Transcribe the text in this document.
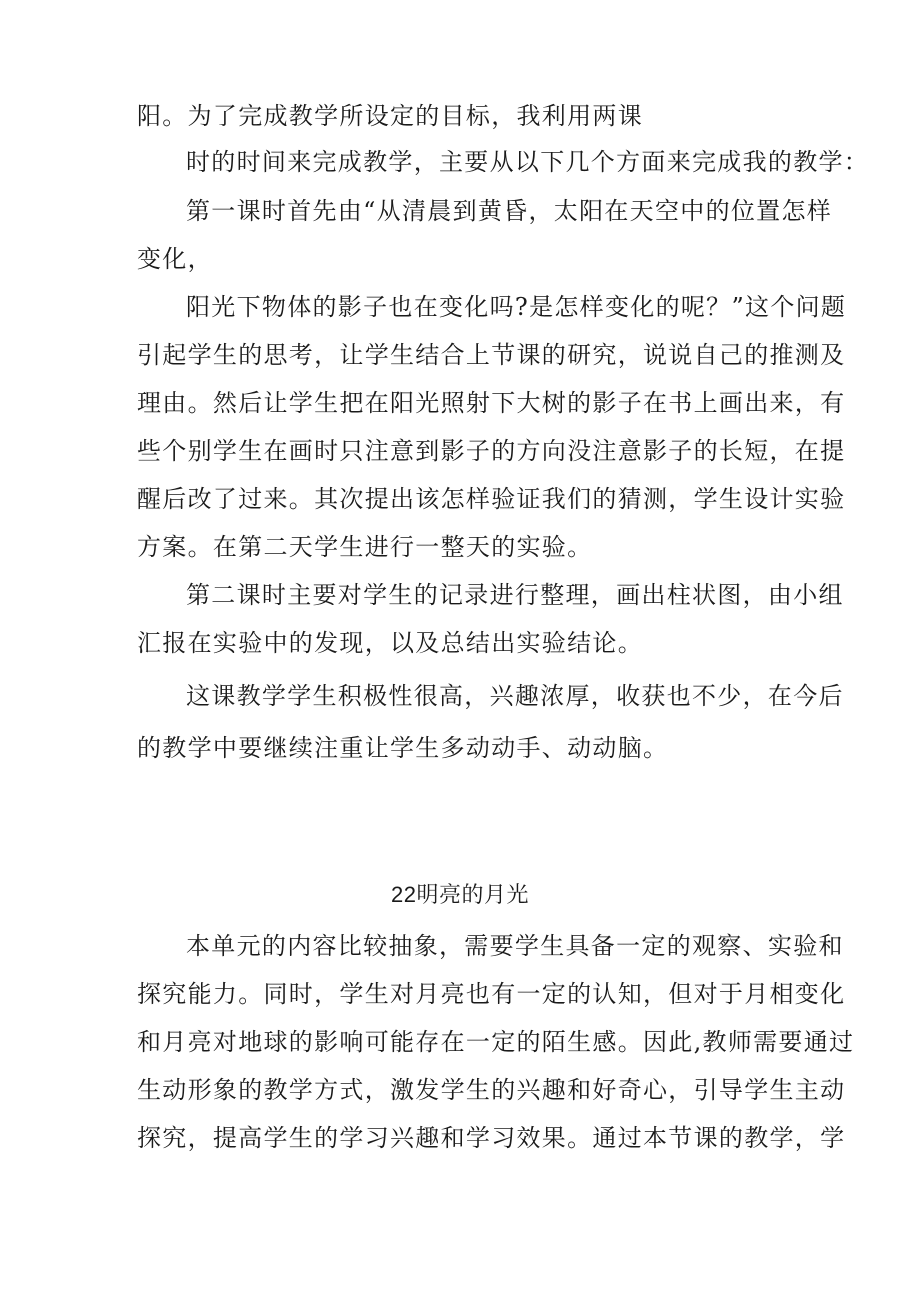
阳。为了完成教学所设定的目标，我利用两课
时的时间来完成教学，主要从以下几个方面来完成我的教学：
第一课时首先由“从清晨到黄昏，太阳在天空中的位置怎样
变化，
阳光下物体的影子也在变化吗?是怎样变化的呢？”这个问题
引起学生的思考，让学生结合上节课的研究，说说自己的推测及
理由。然后让学生把在阳光照射下大树的影子在书上画出来，有
些个别学生在画时只注意到影子的方向没注意影子的长短，在提
醒后改了过来。其次提出该怎样验证我们的猜测，学生设计实验
方案。在第二天学生进行一整天的实验。
第二课时主要对学生的记录进行整理，画出柱状图，由小组
汇报在实验中的发现，以及总结出实验结论。
这课教学学生积极性很高，兴趣浓厚，收获也不少，在今后
的教学中要继续注重让学生多动动手、动动脑。
22明亮的月光
本单元的内容比较抽象，需要学生具备一定的观察、实验和
探究能力。同时，学生对月亮也有一定的认知，但对于月相变化
和月亮对地球的影响可能存在一定的陌生感。因此,教师需要通过
生动形象的教学方式，激发学生的兴趣和好奇心，引导学生主动
探究，提高学生的学习兴趣和学习效果。通过本节课的教学，学
